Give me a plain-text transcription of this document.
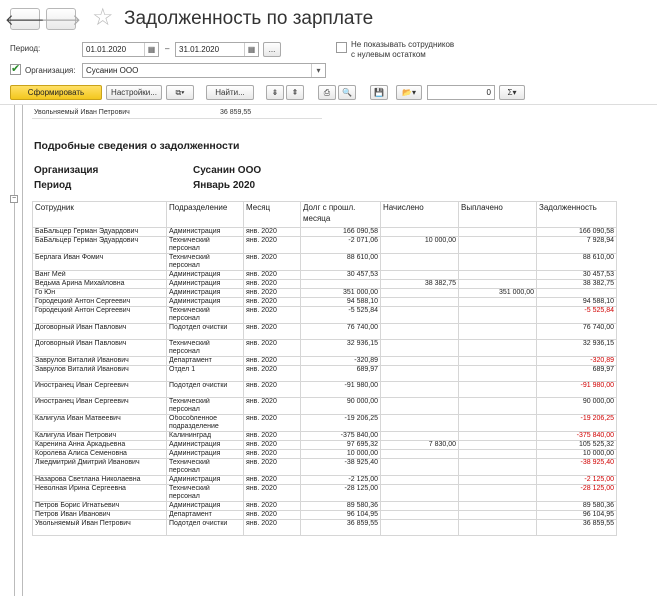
🡐
🡒 ☆ Задолженность по зарплате
Период:	01.01.2020	▦	–	31.01.2020	▦	...
Не показывать сотрудников
с нулевым остатком
✔
Организация:	Сусанин ООО	▾
Сформировать	Настройки...	⧉▾	Найти...	⇟	⇞	⎙	🔍	💾	📂▾	0	Σ▾
−
Увольняемый Иван Петрович	36 859,55
Подробные сведения о задолженности
Организация	Сусанин ООО
Период	Январь 2020
Сотрудник	Подразделение	Месяц	Долг с прошл. месяца	Начислено	Выплачено	Задолженность
БаБальцер Герман Эдуардович	Администрация	янв. 2020	166 090,58			166 090,58
БаБальцер Герман Эдуардович	Технический персонал	янв. 2020	-2 071,06	10 000,00		7 928,94
Берлага Иван Фомич	Технический персонал	янв. 2020	88 610,00			88 610,00
Ванг Мей	Администрация	янв. 2020	30 457,53			30 457,53
Ведьма Арина Михайловна	Администрация	янв. 2020		38 382,75		38 382,75
Го Юн	Администрация	янв. 2020	351 000,00		351 000,00	
Городецкий Антон Сергеевич	Администрация	янв. 2020	94 588,10			94 588,10
Городецкий Антон Сергеевич	Технический персонал	янв. 2020	-5 525,84			-5 525,84
Договорный Иван Павлович	Подотдел очистки	янв. 2020	76 740,00			76 740,00
Договорный Иван Павлович	Технический персонал	янв. 2020	32 936,15			32 936,15
Заврулов Виталий Иванович	Департамент	янв. 2020	-320,89			-320,89
Заврулов Виталий Иванович	Отдел 1	янв. 2020	689,97			689,97
Иностранец Иван Сергеевич	Подотдел очистки	янв. 2020	-91 980,00			-91 980,00
Иностранец Иван Сергеевич	Технический персонал	янв. 2020	90 000,00			90 000,00
Калигула Иван Матвеевич	Обособленное подразделение	янв. 2020	-19 206,25			-19 206,25
Калигула Иван Петрович	Калининград	янв. 2020	-375 840,00			-375 840,00
Каренина Анна Аркадьевна	Администрация	янв. 2020	97 695,32	7 830,00		105 525,32
Королева Алиса Семеновна	Администрация	янв. 2020	10 000,00			10 000,00
Лжедмитрий Дмитрий Иванович	Технический персонал	янв. 2020	-38 925,40			-38 925,40
Назарова Светлана Николаевна	Администрация	янв. 2020	-2 125,00			-2 125,00
Неволная Ирина Сергеевна	Технический персонал	янв. 2020	-28 125,00			-28 125,00
Петров Борис Игнатьевич	Администрация	янв. 2020	89 580,36			89 580,36
Петров Иван Иванович	Департамент	янв. 2020	96 104,95			96 104,95
Увольняемый Иван Петрович	Подотдел очистки	янв. 2020	36 859,55			36 859,55
